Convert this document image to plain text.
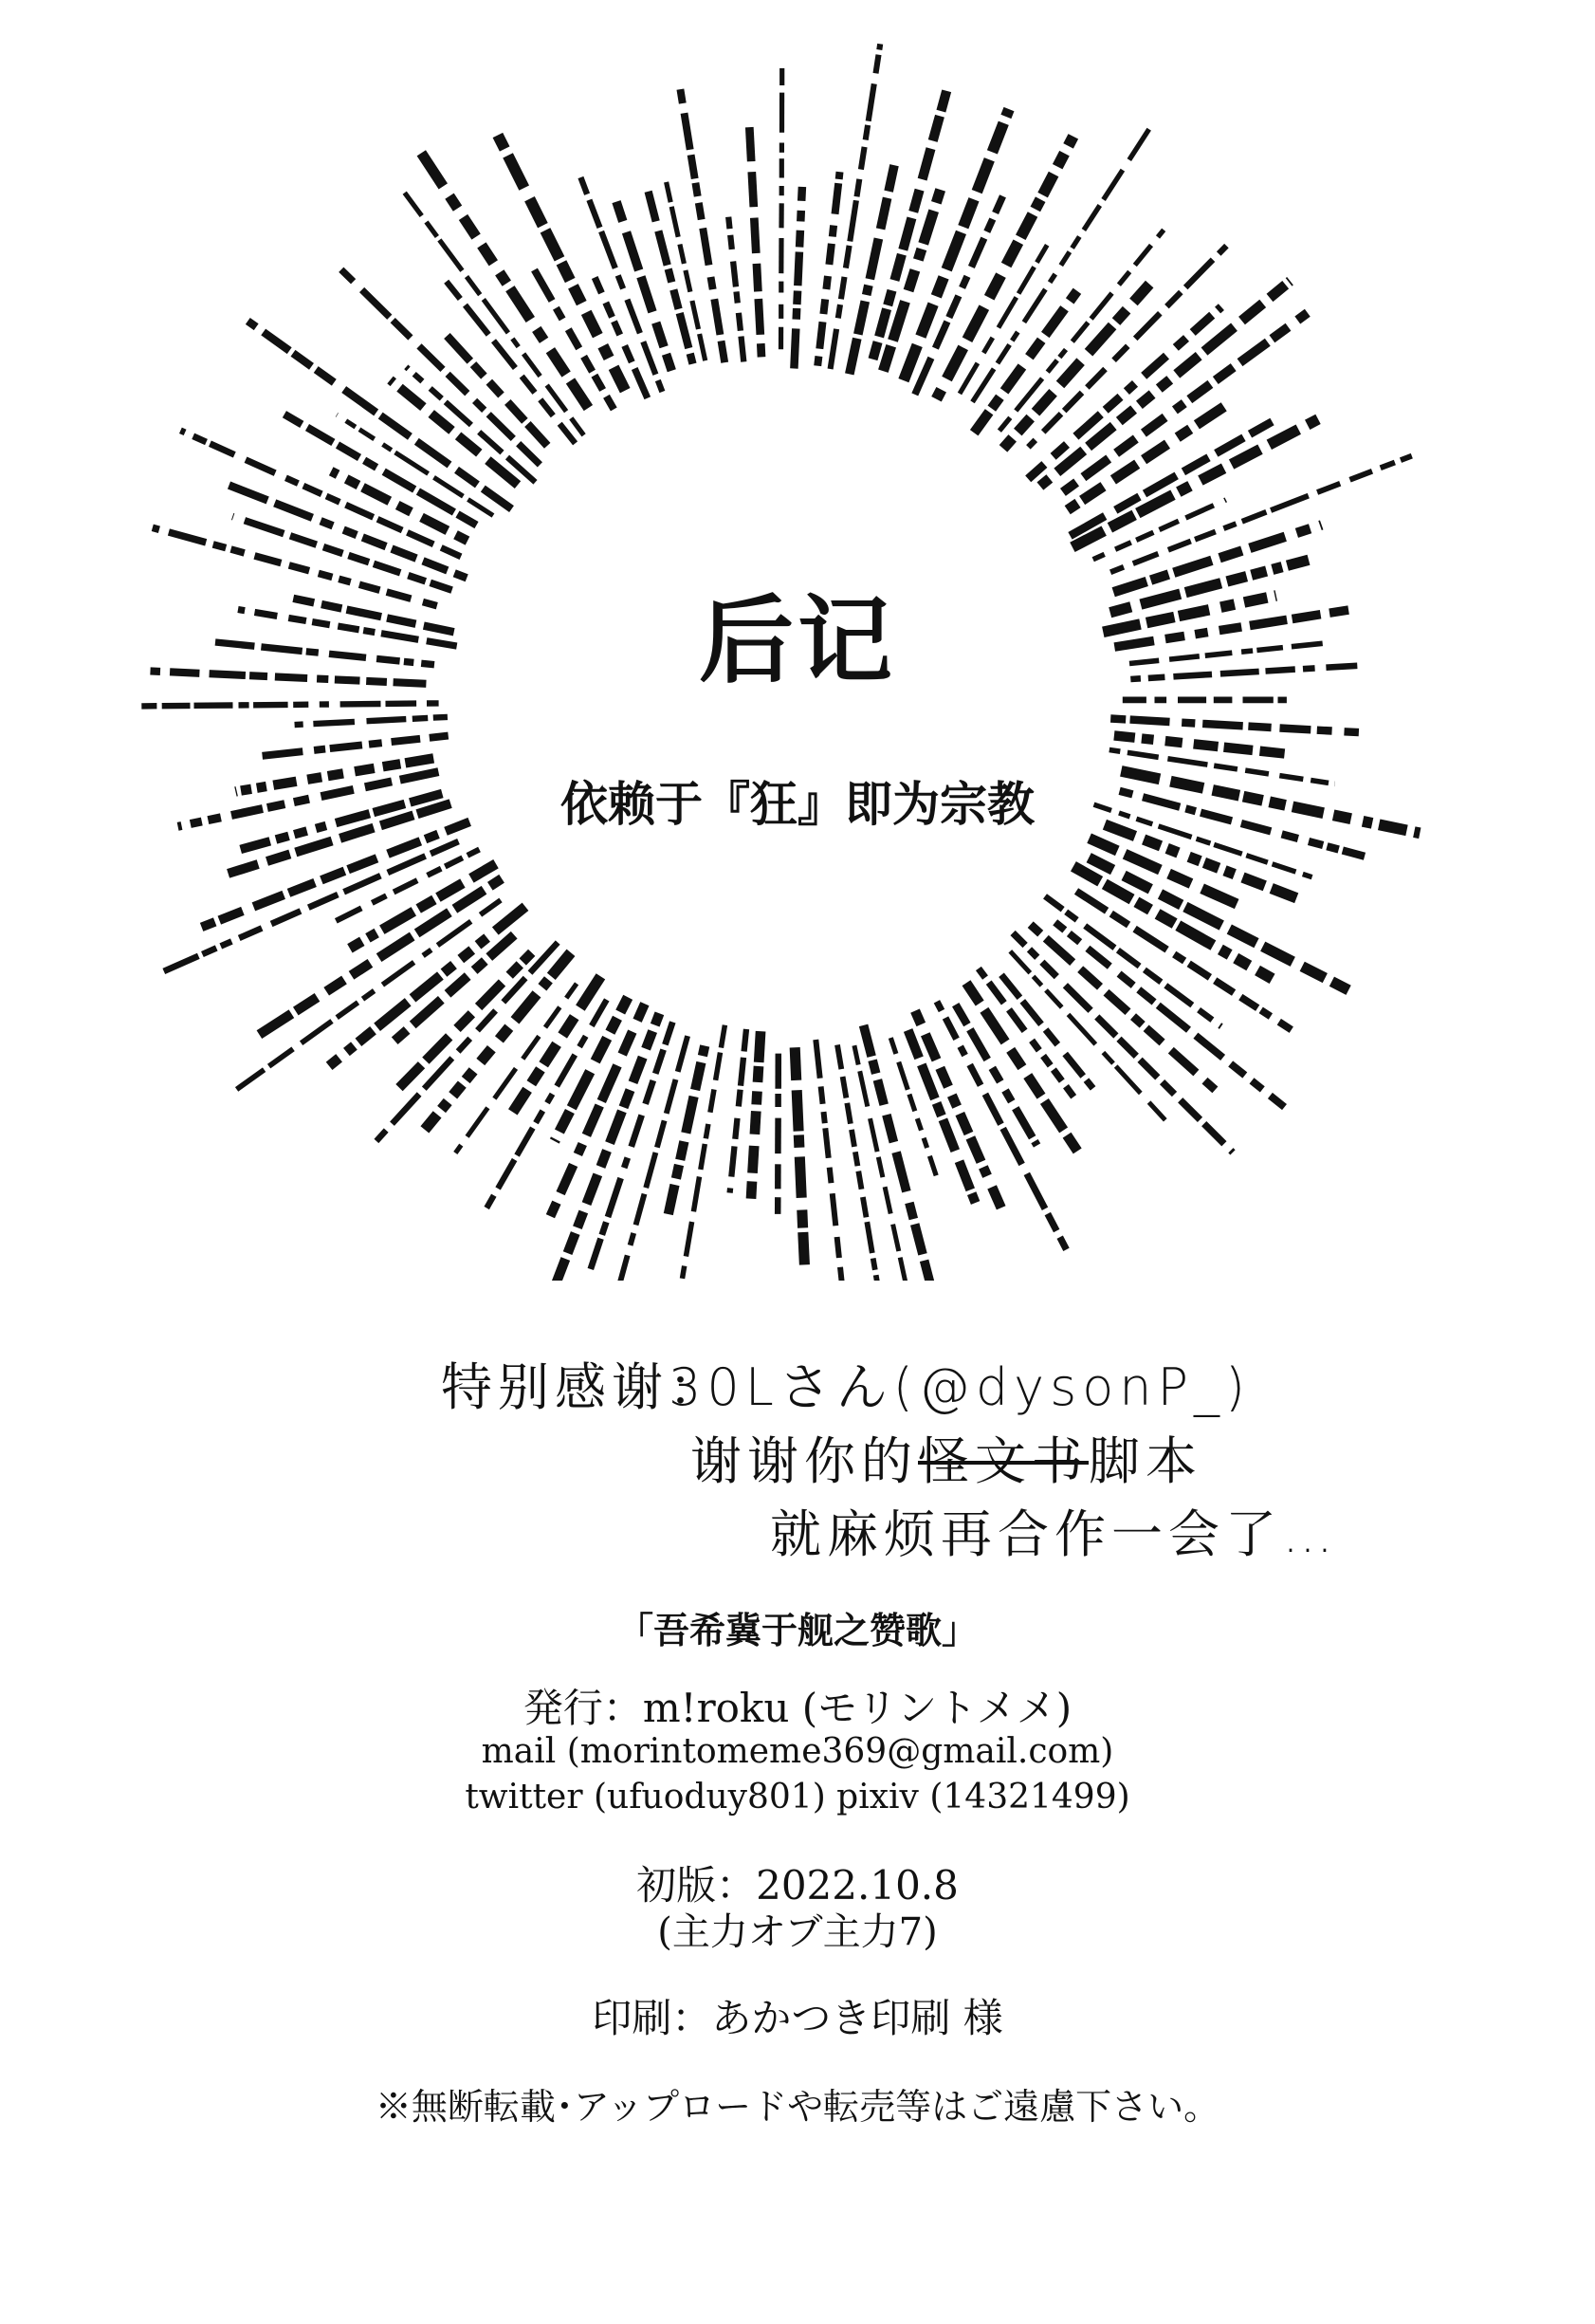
后记
依赖于『狂』即为宗教
特别感谢：
30Lさん(@dysonP_)
谢谢你的怪文书脚本
就麻烦再合作一会了…
「吾希冀于舰之赞歌」
発行：m!roku (モリントメメ)
mail (morintomeme369@gmail.com)
twitter (ufuoduy801) pixiv (14321499)
初版：2022.10.8
(主力オブ主力7)
印刷：あかつき印刷 様
※無断転載･アップロードや転売等はご遠慮下さい。
